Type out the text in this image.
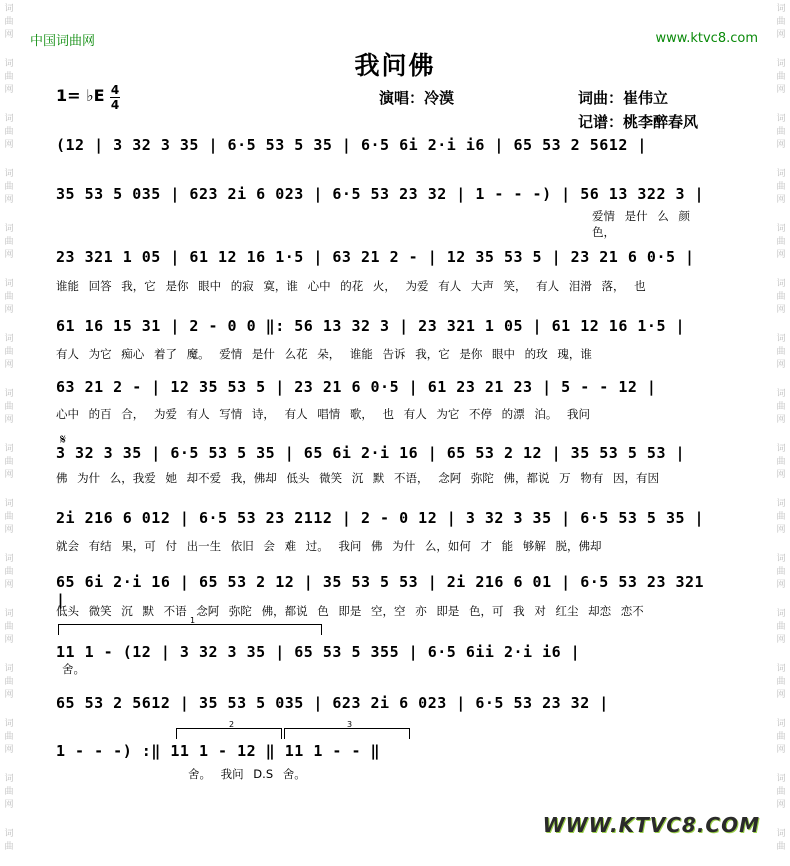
词
曲
网
词
曲
网
词
曲
网
词
曲
网
词
曲
网
词
曲
网
词
曲
网
词
曲
网
词
曲
网
词
曲
网
词
曲
网
词
曲
网
词
曲
网
词
曲
网
词
曲
网
词
曲
词
曲
网
词
曲
网
词
曲
网
词
曲
网
词
曲
网
词
曲
网
词
曲
网
词
曲
网
词
曲
网
词
曲
网
词
曲
网
词
曲
网
词
曲
网
词
曲
网
词
曲
网
词
曲
中国词曲网	www.ktvc8.com
我问佛
1= ♭E 4
4	演唱：冷漠	词曲：崔伟立
记谱：桃李醉春风
𝄋
(12 | 3 32 3 35 | 6·5 53 5 35 | 6·5 6i 2·i i6 | 65 53 2 5612 |
35 53 5 035 | 623 2i 6 023 | 6·5 53 23 32 | 1 - - -) | 56 13 322 3 |
爱情 是什 么 颜 色，
23 321 1 05 | 61 12 16 1·5 | 63 21 2 - | 12 35 53 5 | 23 21 6 0·5 |
谁能 回答 我，它 是你 眼中 的寂 寞，谁 心中 的花 火， 为爱 有人 大声 笑， 有人 泪滑 落， 也
61 16 15 31 | 2 - 0 0 ‖: 56 13 32 3 | 23 321 1 05 | 61 12 16 1·5 |
有人 为它 痴心 着了 魔。 爱情 是什 么花 朵， 谁能 告诉 我，它 是你 眼中 的玫 瑰，谁
63 21 2 - | 12 35 53 5 | 23 21 6 0·5 | 61 23 21 23 | 5 - - 12 |
心中 的百 合， 为爱 有人 写情 诗， 有人 唱情 歌， 也 有人 为它 不停 的漂 泊。 我问
3 32 3 35 | 6·5 53 5 35 | 65 6i 2·i 16 | 65 53 2 12 | 35 53 5 53 |
佛 为什 么，我爱 她 却不爱 我，佛却 低头 微笑 沉 默 不语， 念阿 弥陀 佛，都说 万 物有 因，有因
2i 216 6 012 | 6·5 53 23 2112 | 2 - 0 12 | 3 32 3 35 | 6·5 53 5 35 |
就会 有结 果，可 付 出一生 依旧 会 难 过。 我问 佛 为什 么，如何 才 能 够解 脱，佛却
65 6i 2·i 16 | 65 53 2 12 | 35 53 5 53 | 2i 216 6 01 | 6·5 53 23 321 |
低头 微笑 沉 默 不语 念阿 弥陀 佛，都说 色 即是 空，空 亦 即是 色，可 我 对 红尘 却恋 恋不
11 1 - (12 | 3 32 3 35 | 65 53 5 355 | 6·5 6ii 2·i i6 |
舍。
65 53 2 5612 | 35 53 5 035 | 623 2i 6 023 | 6·5 53 23 32 |
1 - - -) :‖ 11 1 - 12 ‖ 11 1 - - ‖
舍。 我问 D.S 舍。
1
2	3
WWW.KTVC8.COM
